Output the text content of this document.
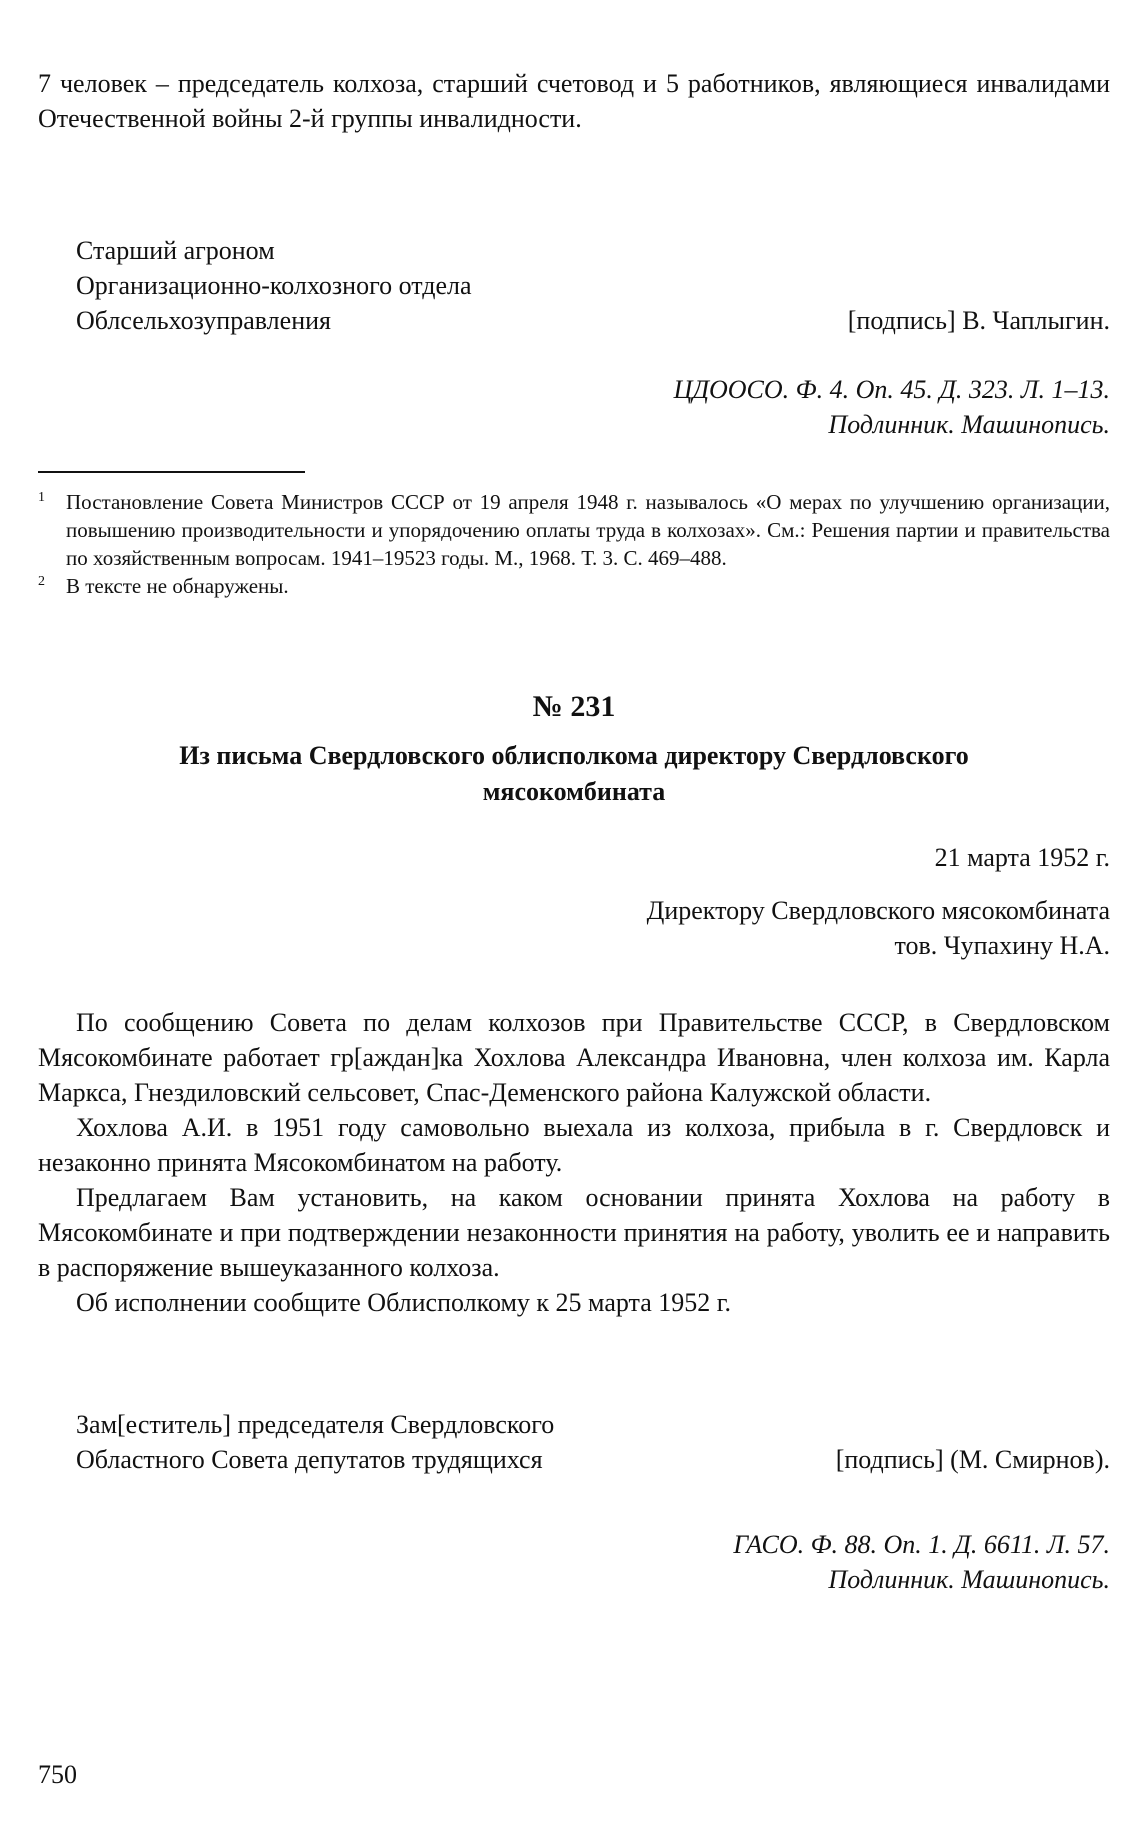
7 человек – председатель колхоза, старший счетовод и 5 работников, являющиеся инвалидами Отечественной войны 2-й группы инвалидности.

Старший агроном
Организационно-колхозного отдела
Облсельхозуправления	[подпись] В. Чаплыгин.
ЦДООСО. Ф. 4. Оп. 45. Д. 323. Л. 1–13.
Подлинник. Машинопись.

1 Постановление Совета Министров СССР от 19 апреля 1948 г. называлось «О мерах по улучшению организации, повышению производительности и упорядочению оплаты труда в колхозах». См.: Решения партии и правительства по хозяйственным вопросам. 1941–19523 годы. М., 1968. Т. 3. С. 469–488.

2 В тексте не обнаружены.

№ 231
Из письма Свердловского облисполкома директору Свердловского мясокомбината
21 марта 1952 г.
Директору Свердловского мясокомбината
тов. Чупахину Н.А.

По сообщению Совета по делам колхозов при Правительстве СССР, в Свердловском Мясокомбинате работает гр[аждан]ка Хохлова Александра Ивановна, член колхоза им. Карла Маркса, Гнездиловский сельсовет, Спас-Деменского района Калужской области.

Хохлова А.И. в 1951 году самовольно выехала из колхоза, прибыла в г. Свердловск и незаконно принята Мясокомбинатом на работу.

Предлагаем Вам установить, на каком основании принята Хохлова на работу в Мясокомбинате и при подтверждении незаконности принятия на работу, уволить ее и направить в распоряжение вышеуказанного колхоза.

Об исполнении сообщите Облисполкому к 25 марта 1952 г.

Зам[еститель] председателя Свердловского
Областного Совета депутатов трудящихся	[подпись] (М. Смирнов).
ГАСО. Ф. 88. Оп. 1. Д. 6611. Л. 57.
Подлинник. Машинопись.
750
